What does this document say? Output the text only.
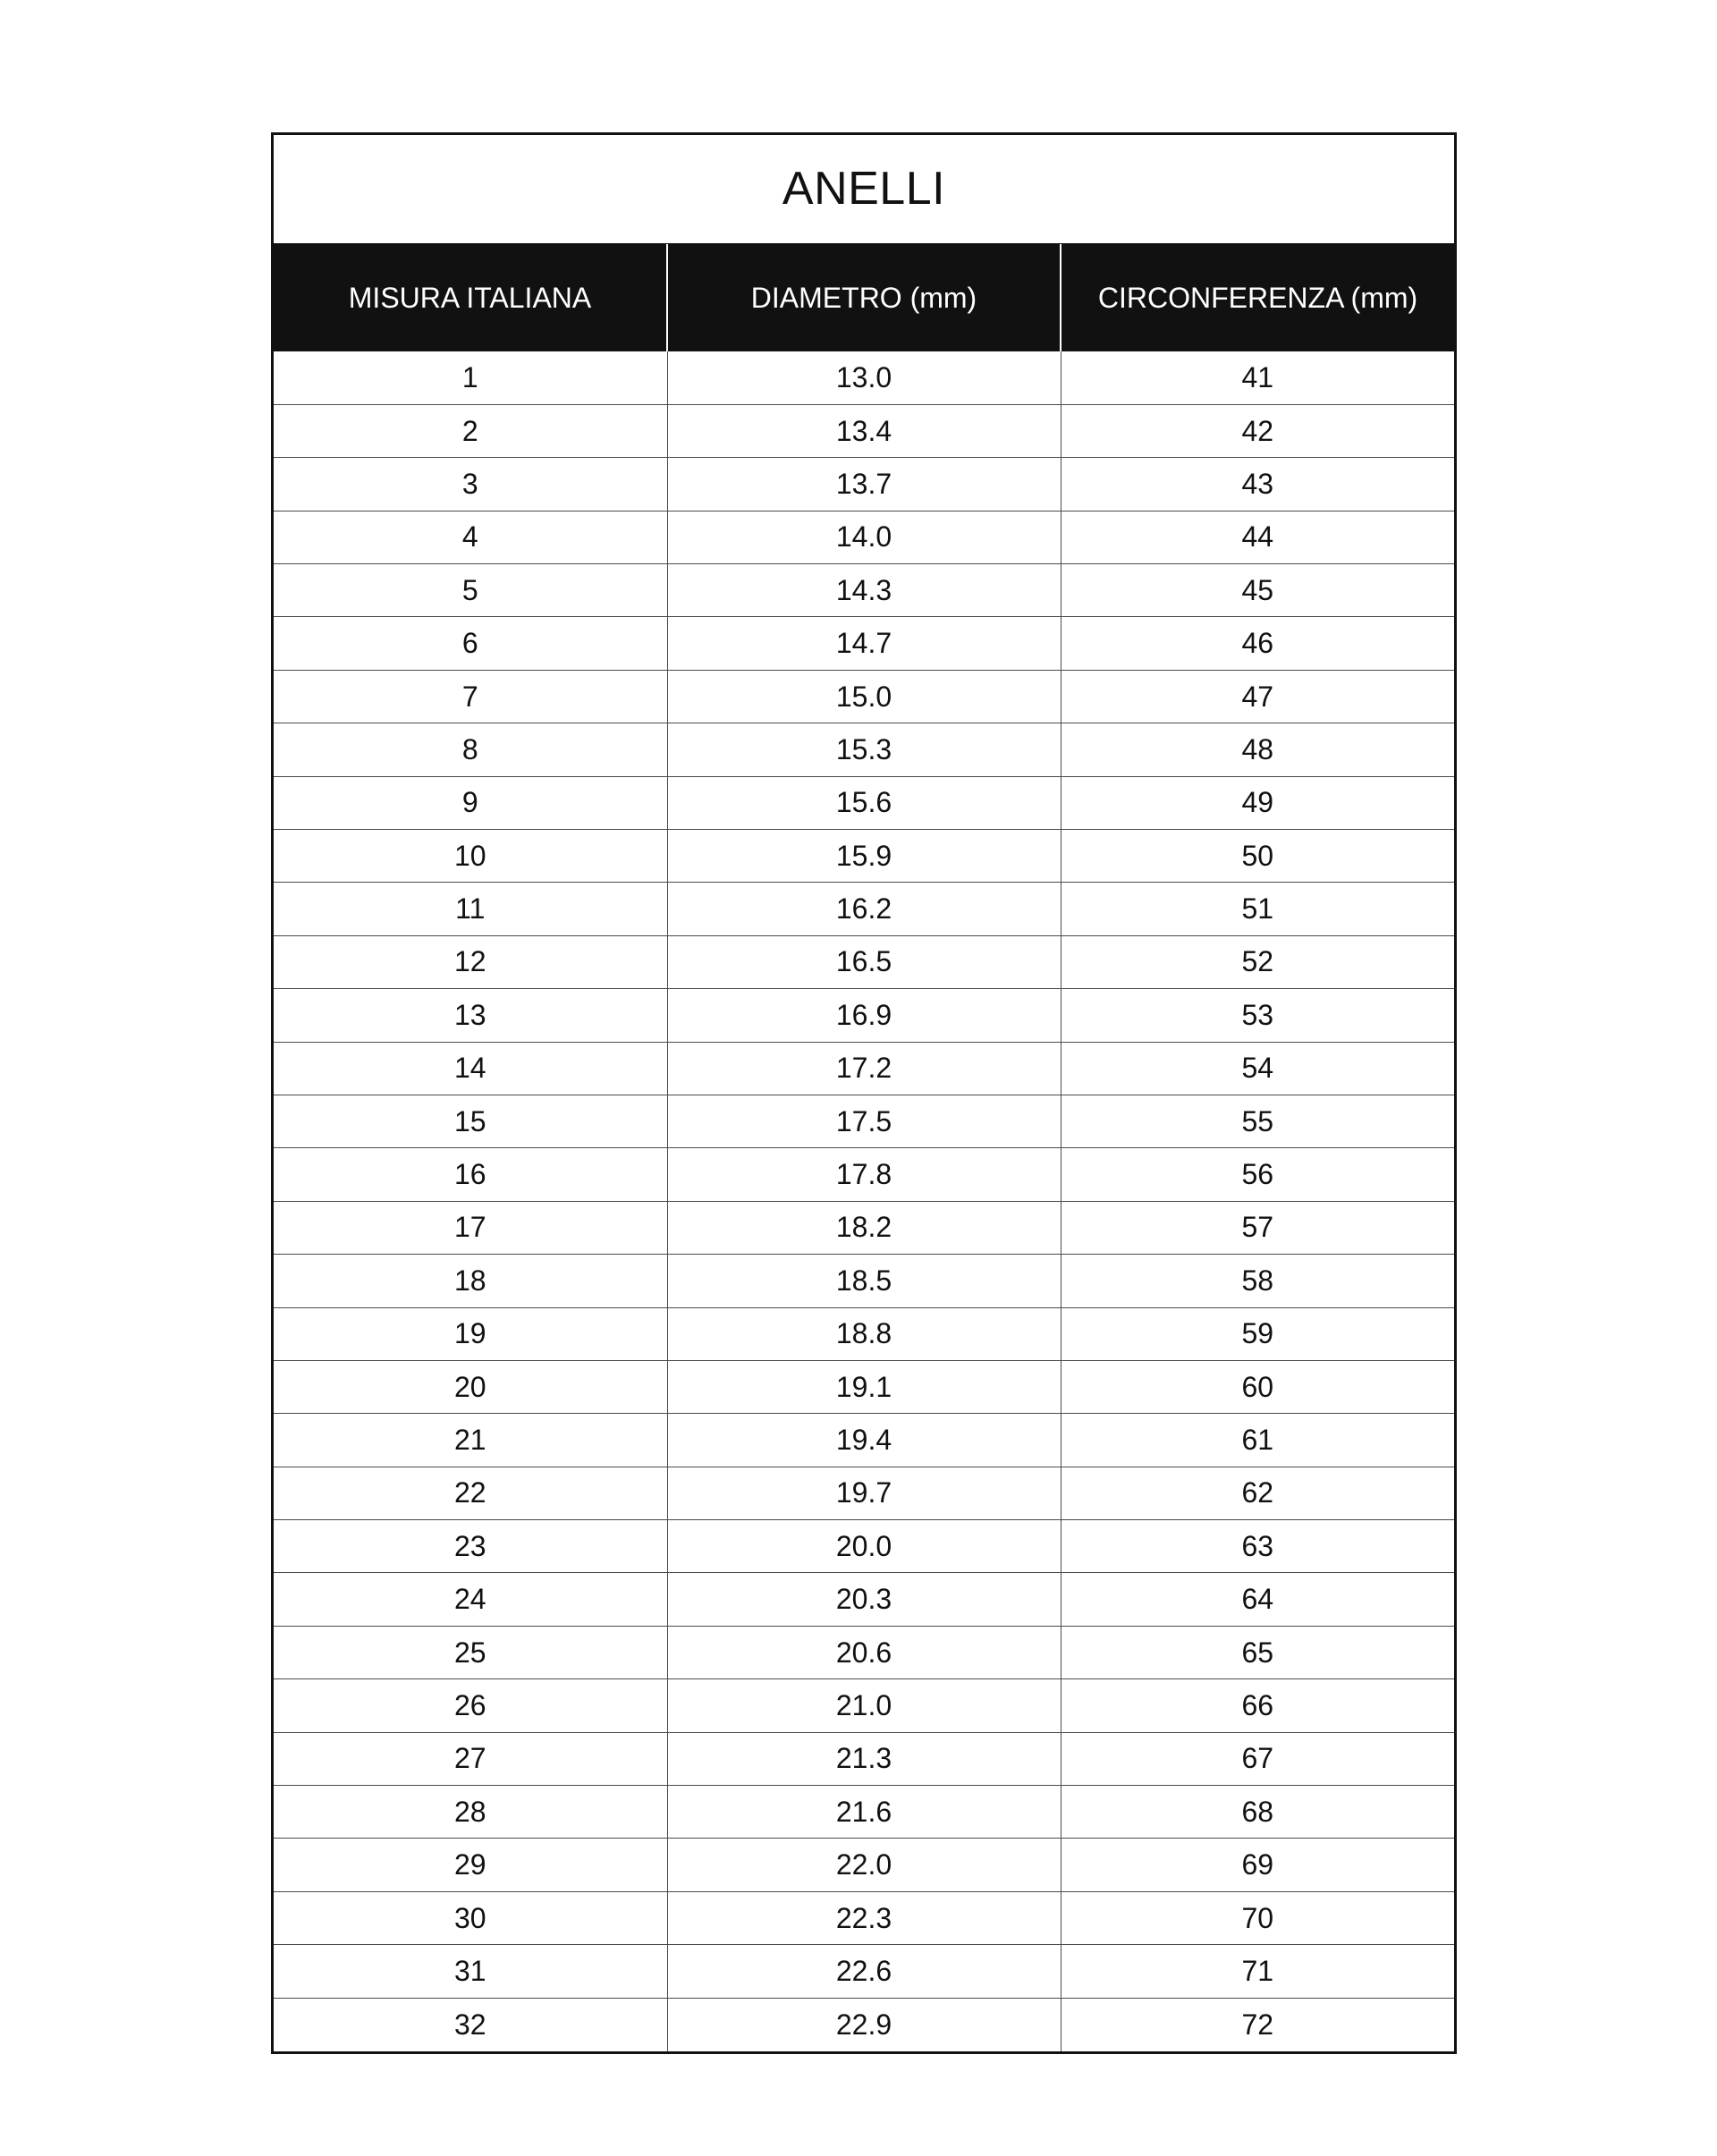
ANELLI
MISURA ITALIANA	DIAMETRO (mm)	CIRCONFERENZA (mm)
1	13.0	41
2	13.4	42
3	13.7	43
4	14.0	44
5	14.3	45
6	14.7	46
7	15.0	47
8	15.3	48
9	15.6	49
10	15.9	50
11	16.2	51
12	16.5	52
13	16.9	53
14	17.2	54
15	17.5	55
16	17.8	56
17	18.2	57
18	18.5	58
19	18.8	59
20	19.1	60
21	19.4	61
22	19.7	62
23	20.0	63
24	20.3	64
25	20.6	65
26	21.0	66
27	21.3	67
28	21.6	68
29	22.0	69
30	22.3	70
31	22.6	71
32	22.9	72
